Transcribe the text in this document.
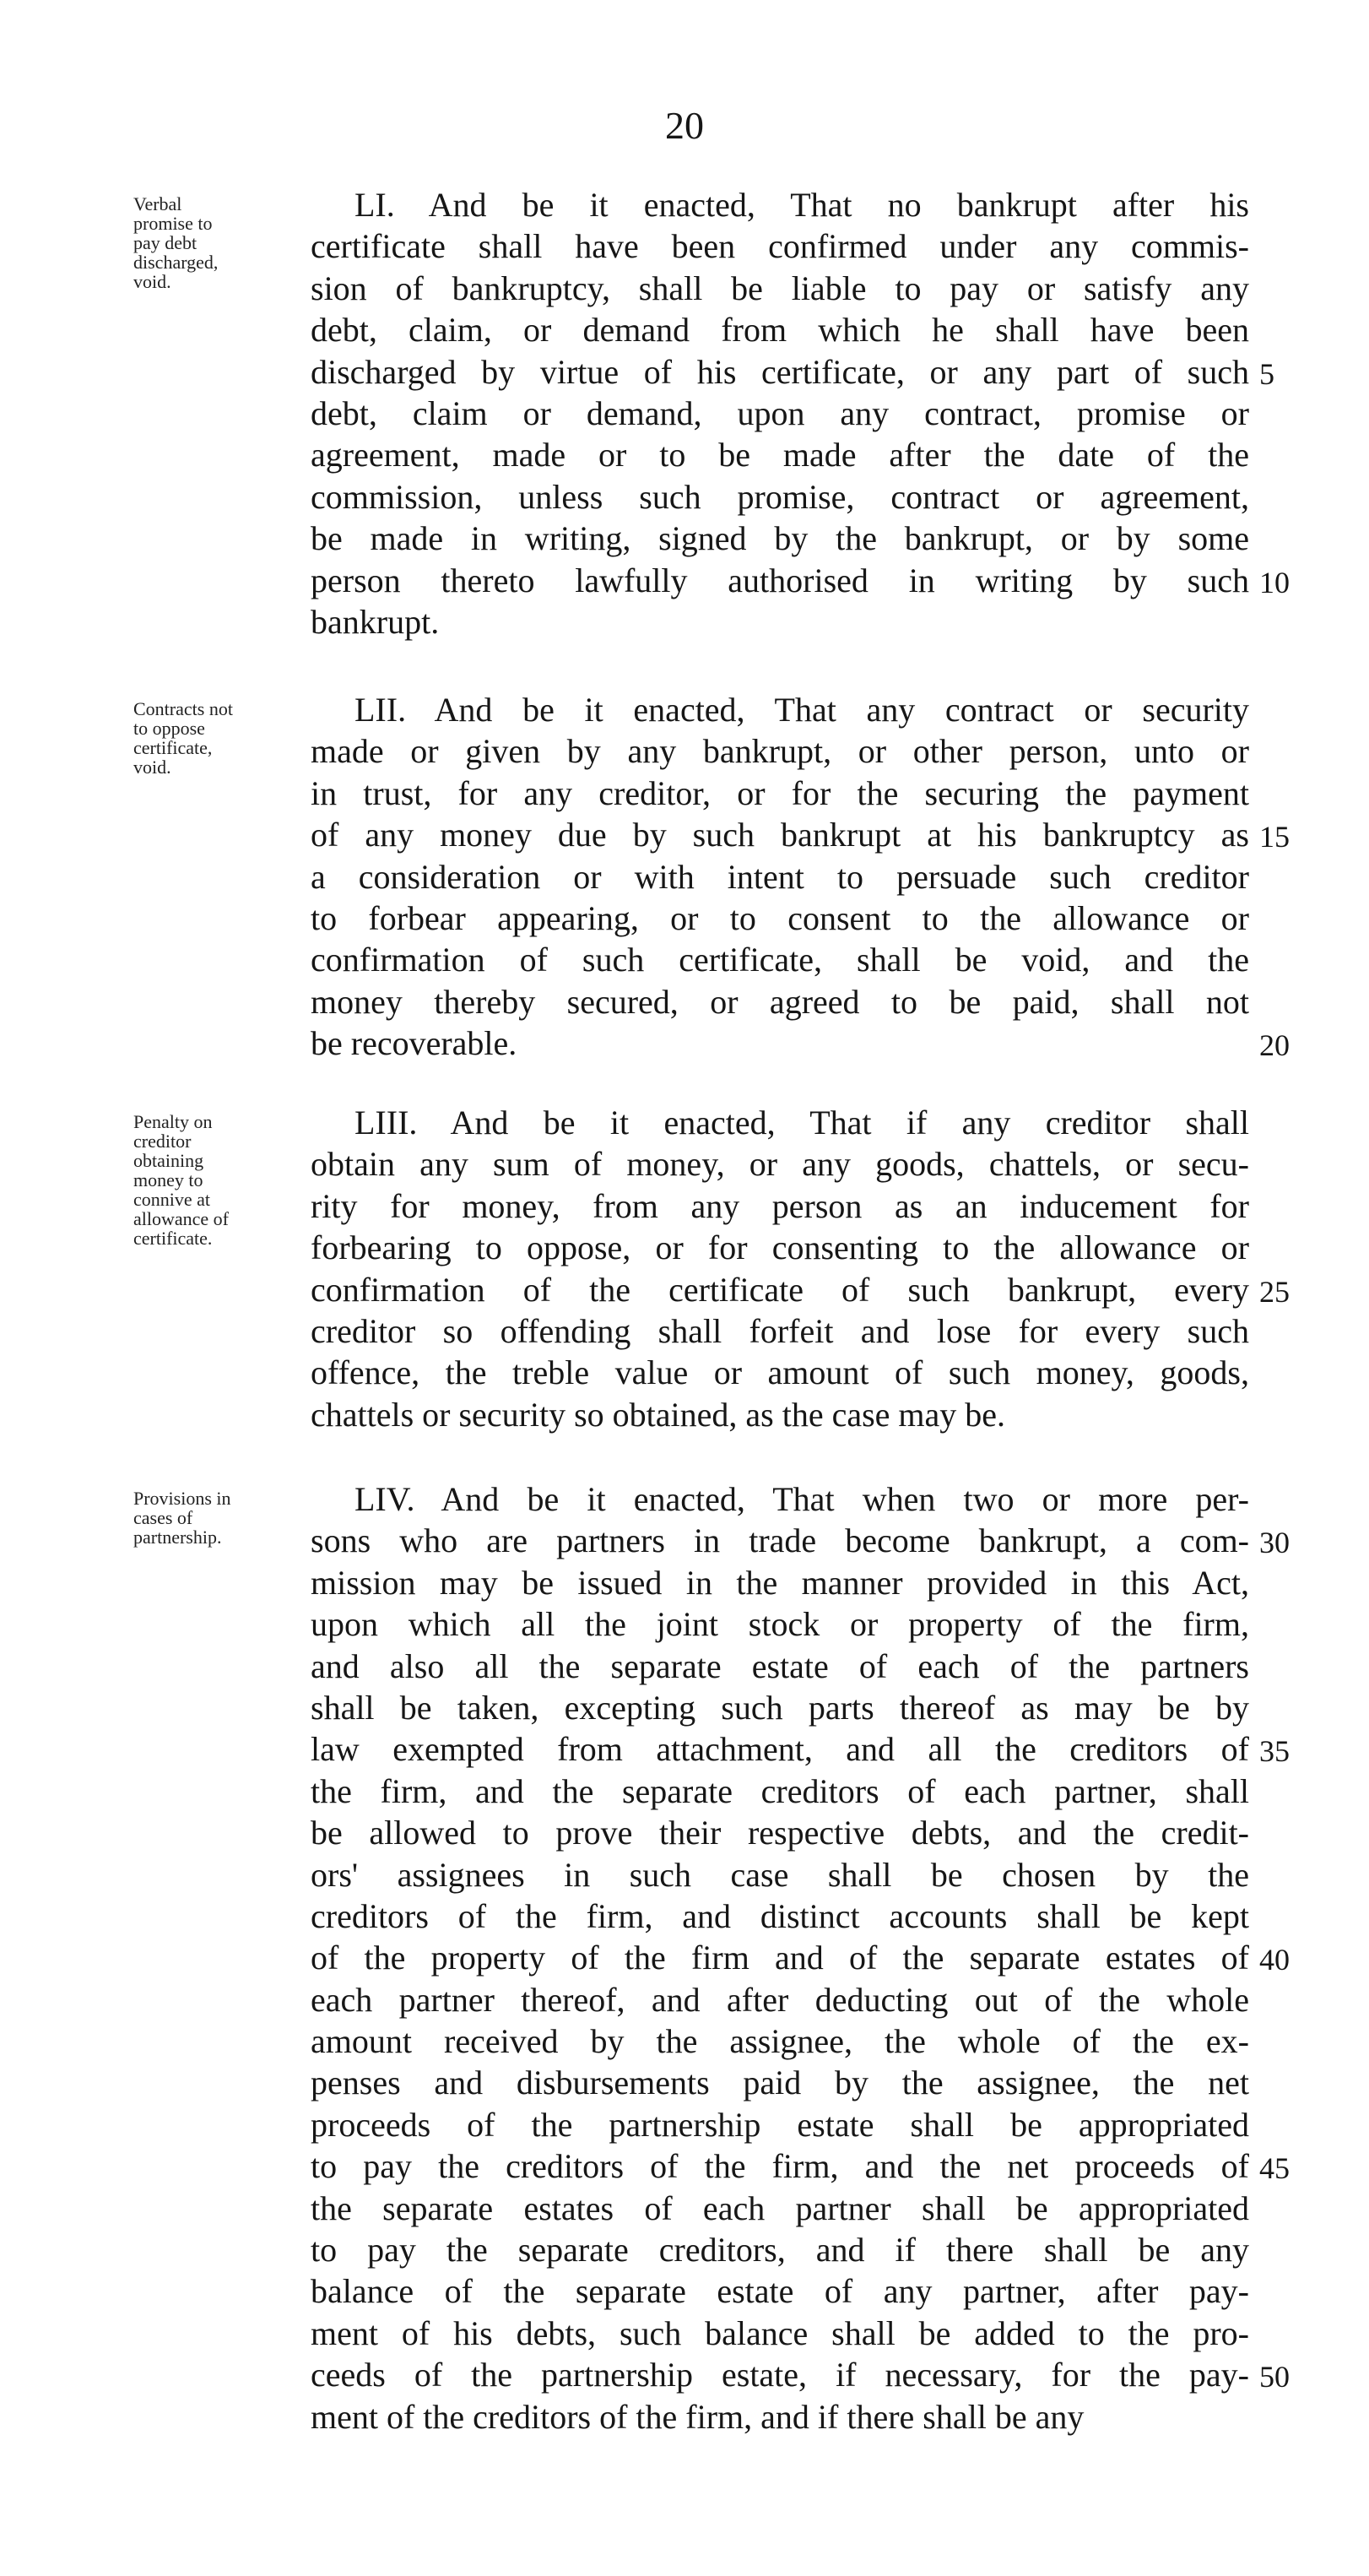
20
Verbal
promise to
pay debt
discharged,
void.
LI. And be it enacted, That no bankrupt after his
certificate shall have been confirmed under any commis-
sion of bankruptcy, shall be liable to pay or satisfy any
debt, claim, or demand from which he shall have been
discharged by virtue of his certificate, or any part of such
debt, claim or demand, upon any contract, promise or
agreement, made or to be made after the date of the
commission, unless such promise, contract or agreement,
be made in writing, signed by the bankrupt, or by some
person thereto lawfully authorised in writing by such
bankrupt.
5
10
Contracts not
to oppose
certificate,
void.
LII. And be it enacted, That any contract or security
made or given by any bankrupt, or other person, unto or
in trust, for any creditor, or for the securing the payment
of any money due by such bankrupt at his bankruptcy as
a consideration or with intent to persuade such creditor
to forbear appearing, or to consent to the allowance or
confirmation of such certificate, shall be void, and the
money thereby secured, or agreed to be paid, shall not
be recoverable.
15
20
Penalty on
creditor
obtaining
money to
connive at
allowance of
certificate.
LIII. And be it enacted, That if any creditor shall
obtain any sum of money, or any goods, chattels, or secu-
rity for money, from any person as an inducement for
forbearing to oppose, or for consenting to the allowance or
confirmation of the certificate of such bankrupt, every
creditor so offending shall forfeit and lose for every such
offence, the treble value or amount of such money, goods,
chattels or security so obtained, as the case may be.
25
Provisions in
cases of
partnership.
LIV. And be it enacted, That when two or more per-
sons who are partners in trade become bankrupt, a com-
mission may be issued in the manner provided in this Act,
upon which all the joint stock or property of the firm,
and also all the separate estate of each of the partners
shall be taken, excepting such parts thereof as may be by
law exempted from attachment, and all the creditors of
the firm, and the separate creditors of each partner, shall
be allowed to prove their respective debts, and the credit-
ors' assignees in such case shall be chosen by the
creditors of the firm, and distinct accounts shall be kept
of the property of the firm and of the separate estates of
each partner thereof, and after deducting out of the whole
amount received by the assignee, the whole of the ex-
penses and disbursements paid by the assignee, the net
proceeds of the partnership estate shall be appropriated
to pay the creditors of the firm, and the net proceeds of
the separate estates of each partner shall be appropriated
to pay the separate creditors, and if there shall be any
balance of the separate estate of any partner, after pay-
ment of his debts, such balance shall be added to the pro-
ceeds of the partnership estate, if necessary, for the pay-
ment of the creditors of the firm, and if there shall be any
30
35
40
45
50
